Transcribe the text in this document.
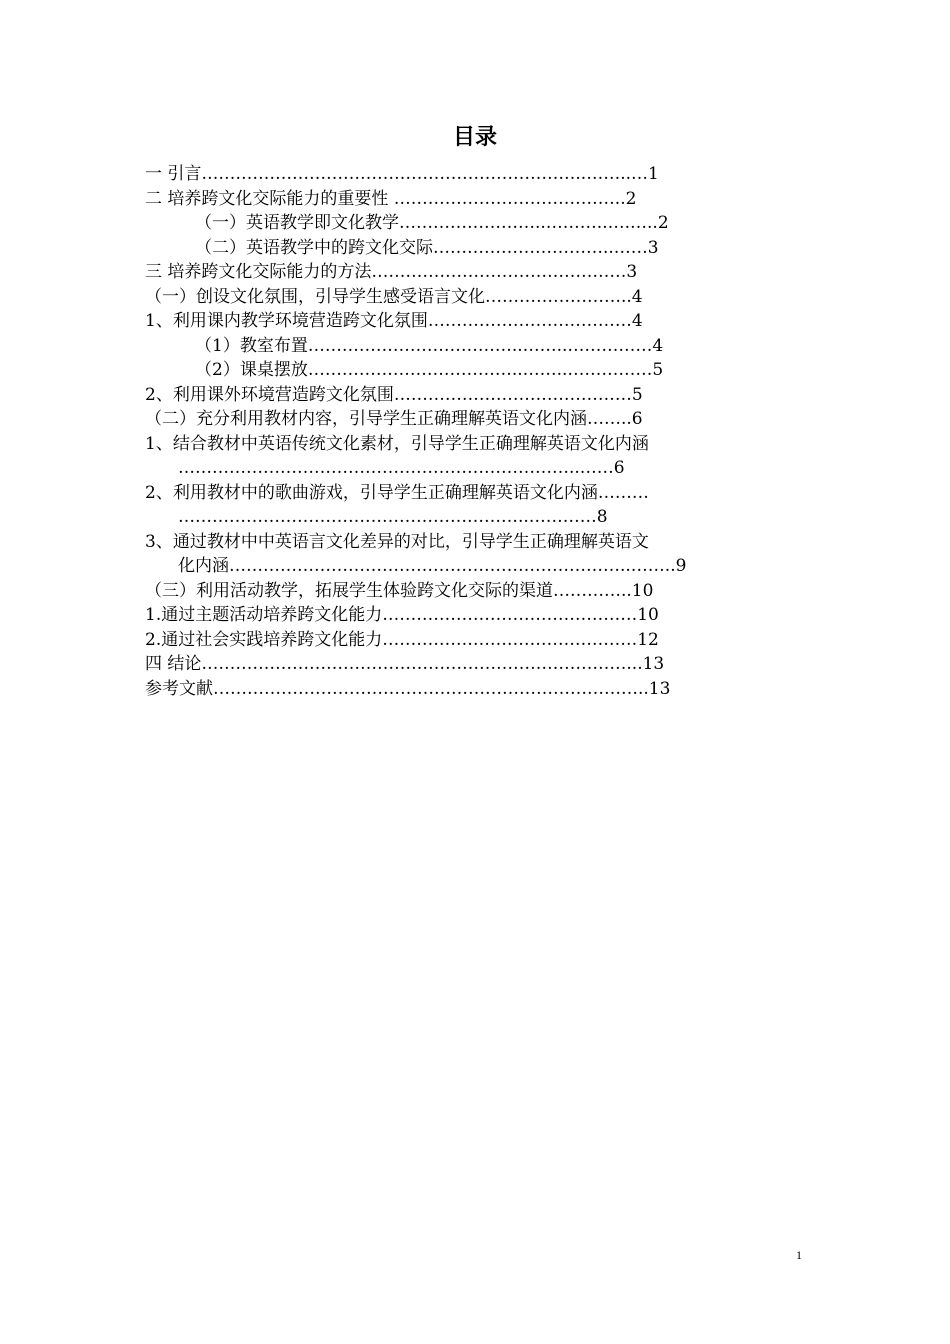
目录
一 引言…………………………………………………………..……..…1
二 培养跨文化交际能力的重要性 …………………………………..2
（一）英语教学即文化教学……………………..………..….…..2
（二）英语教学中的跨文化交际…………………………..……3
三 培养跨文化交际能力的方法………………………………………3
（一）创设文化氛围，引导学生感受语言文化……………………..4
1、利用课内教学环境营造跨文化氛围………………………………4
（1）教室布置………………………………..……..……………4
（2）课桌摆放………………………………..……..……………5
2、利用课外环境营造跨文化氛围……………………………………5
（二）充分利用教材内容，引导学生正确理解英语文化内涵……..6
1、结合教材中英语传统文化素材，引导学生正确理解英语文化内涵
……………………………………………………………..……6
2、利用教材中的歌曲游戏，引导学生正确理解英语文化内涵………
……………………………………………………..…………8
3、通过教材中中英语言文化差异的对比，引导学生正确理解英语文
化内涵……………………………………………………………..……..9
（三）利用活动教学，拓展学生体验跨文化交际的渠道…………..10
1.通过主题活动培养跨文化能力………………………………………10
2.通过社会实践培养跨文化能力………………………………………12
四 结论…………………………………………………………………...13
参考文献…………………………………………………………………..13
1
